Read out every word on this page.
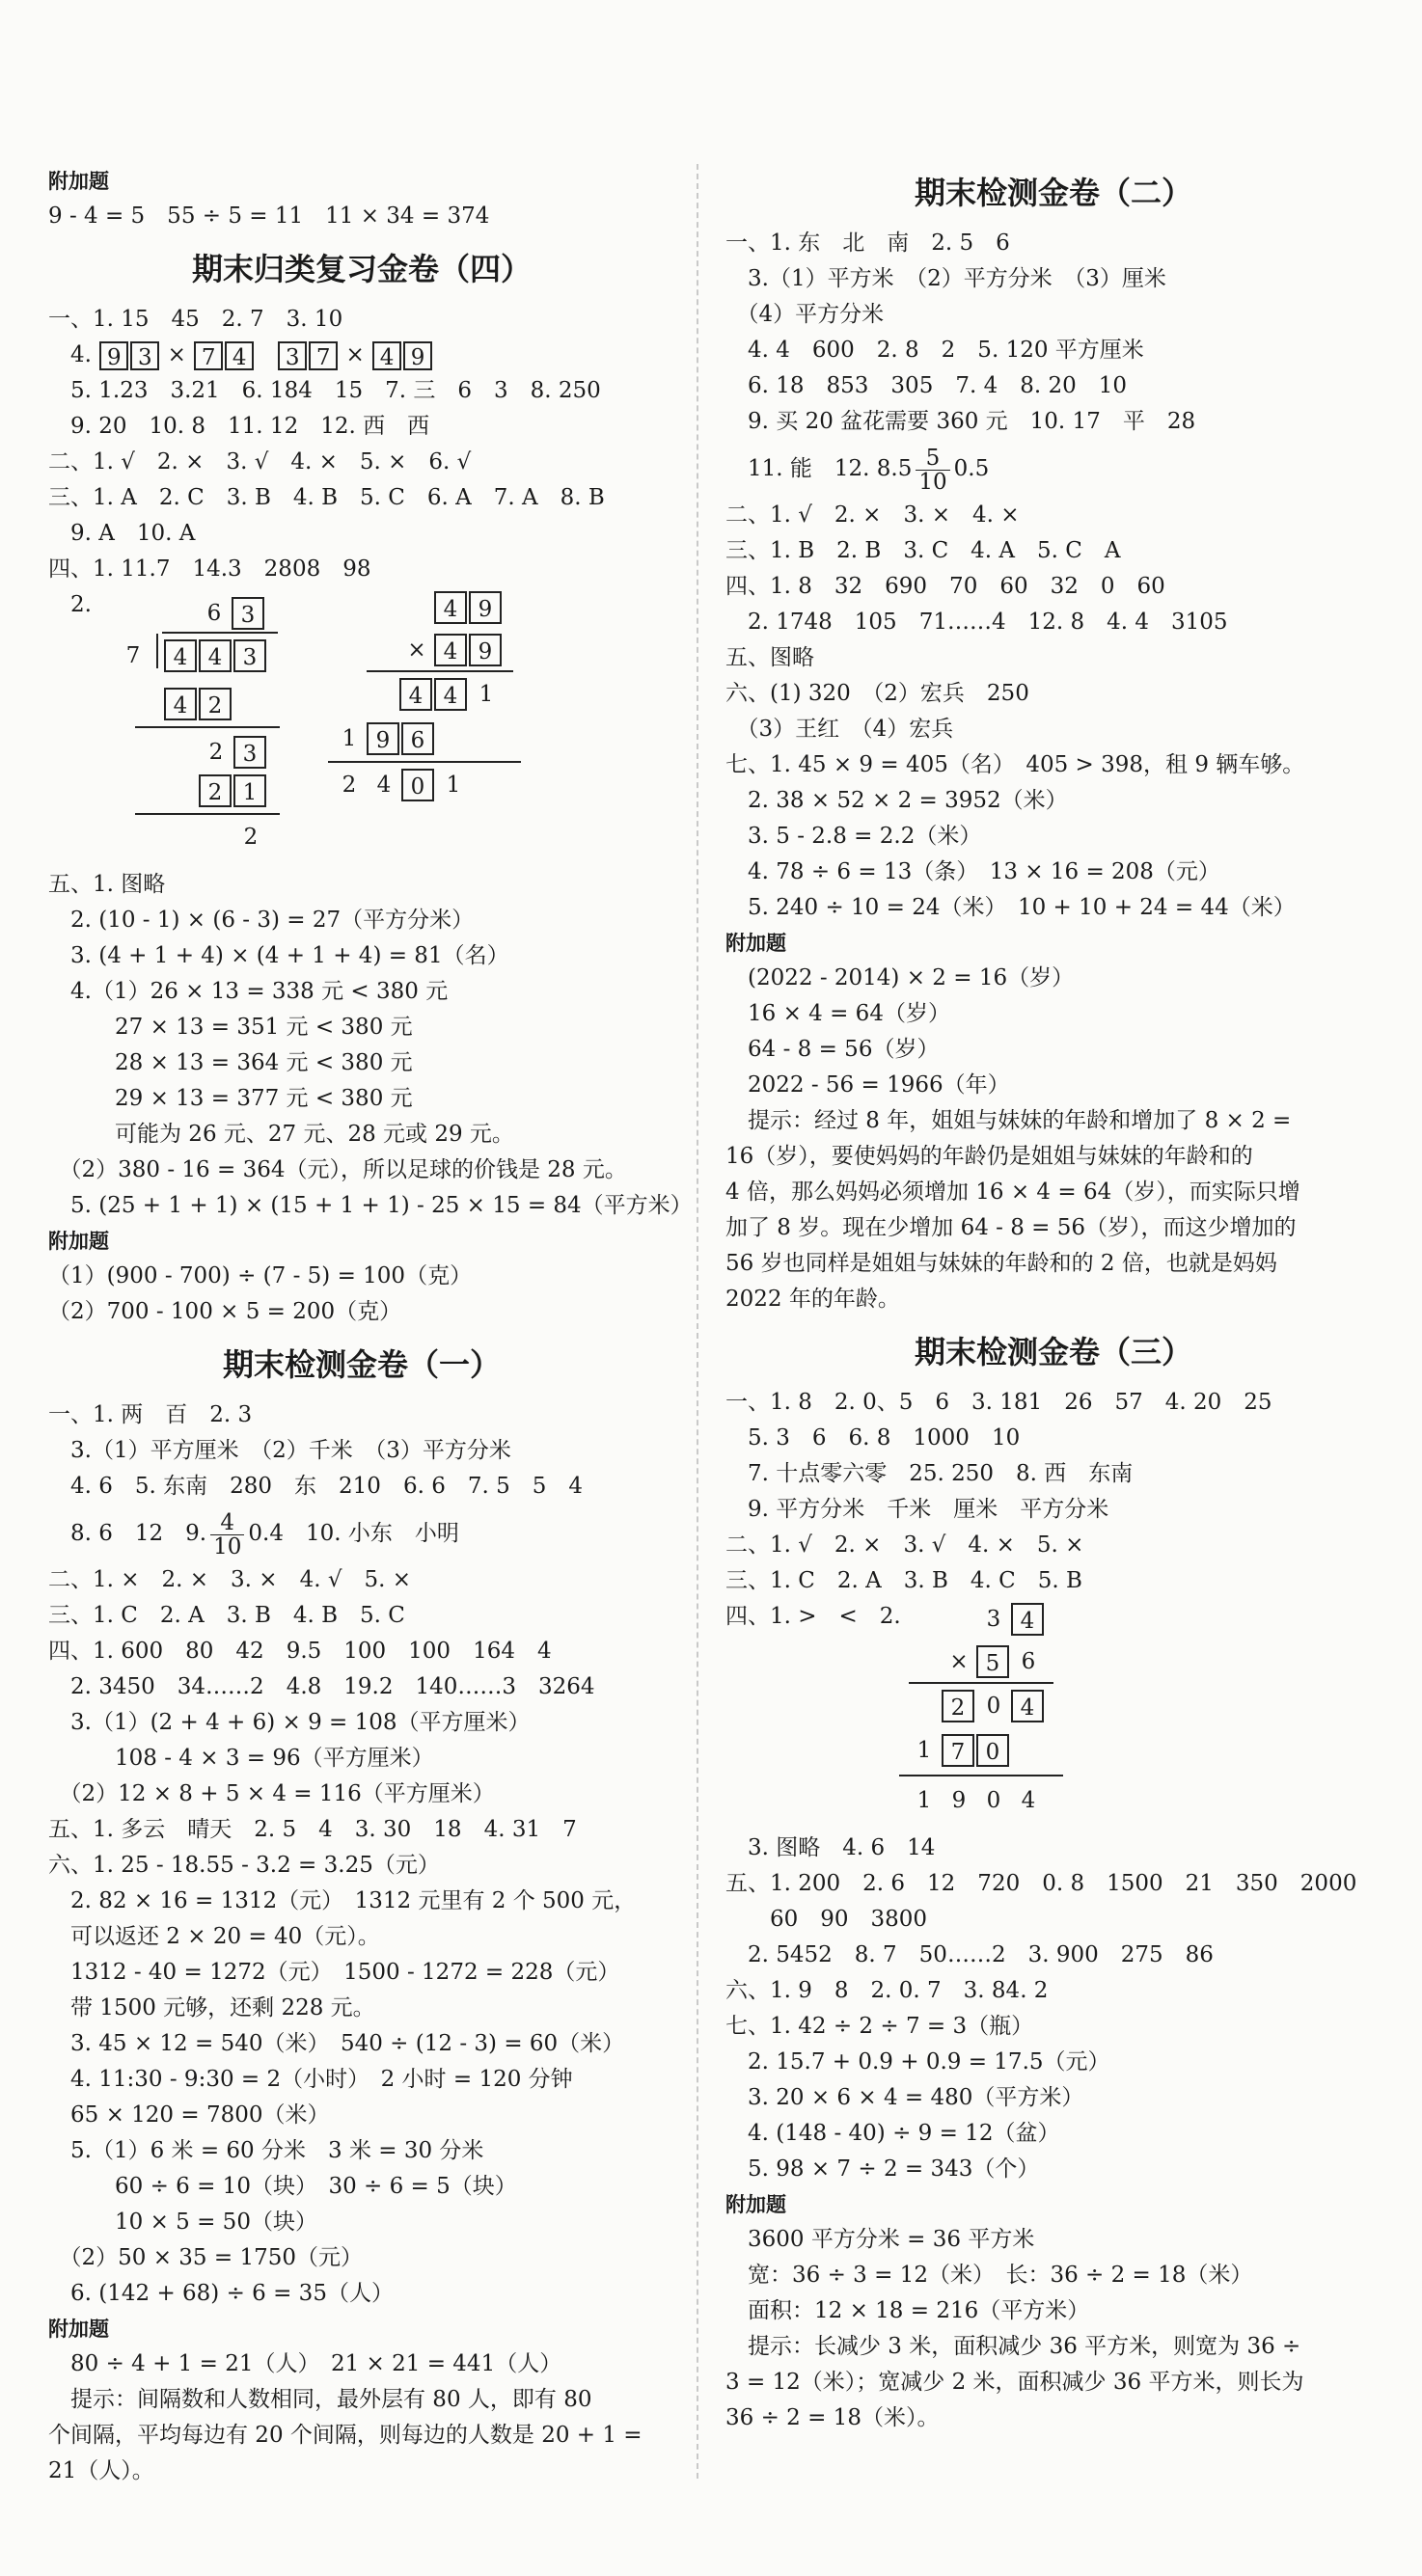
附加题
9 - 4 = 5　55 ÷ 5 = 11　11 × 34 = 374
期末归类复习金卷（四）
一、1. 15　45　2. 7　3. 10
　4. 9 3 × 7 4　 3 7 × 4 9
　5. 1.23　3.21　6. 184　15　7. 三　6　3　8. 250
　9. 20　10. 8　11. 12　12. 西　西
二、1. √　2. ×　3. √　4. ×　5. ×　6. √
三、1. A　2. C　3. B　4. B　5. C　6. A　7. A　8. B
　9. A　10. A
四、1. 11.7　14.3　2808　98
　2.	3
6
7	4 4 3
4 2
2 3
2 1
2
4 9
× 4 9
4 4 1
1 9 6
2 4 0 1
五、1. 图略
　2. (10 - 1) × (6 - 3) = 27（平方分米）
　3. (4 + 1 + 4) × (4 + 1 + 4) = 81（名）
　4.（1）26 × 13 = 338 元 < 380 元
　　　27 × 13 = 351 元 < 380 元
　　　28 × 13 = 364 元 < 380 元
　　　29 × 13 = 377 元 < 380 元
　　　可能为 26 元、27 元、28 元或 29 元。
　（2）380 - 16 = 364（元），所以足球的价钱是 28 元。
　5. (25 + 1 + 1) × (15 + 1 + 1) - 25 × 15 = 84（平方米）
附加题
（1）(900 - 700) ÷ (7 - 5) = 100（克）
（2）700 - 100 × 5 = 200（克）
期末检测金卷（一）
一、1. 两　百　2. 3
　3.（1）平方厘米　（2）千米　（3）平方分米
　4. 6　5. 东南　280　东　210　6. 6　7. 5　5　4
　8. 6　12　9. $\frac{4}{10} 0.4$　10. 小东　小明
二、1. ×　2. ×　3. ×　4. √　5. ×
三、1. C　2. A　3. B　4. B　5. C
四、1. 600　80　42　9.5　100　100　164　4
　2. 3450　34……2　4.8　19.2　140……3　3264
　3.（1）(2 + 4 + 6) × 9 = 108（平方厘米）
　　　108 - 4 × 3 = 96（平方厘米）
　（2）12 × 8 + 5 × 4 = 116（平方厘米）
五、1. 多云　晴天　2. 5　4　3. 30　18　4. 31　7
六、1. 25 - 18.55 - 3.2 = 3.25（元）
　2. 82 × 16 = 1312（元）　1312 元里有 2 个 500 元，
　可以返还 2 × 20 = 40（元）。
　1312 - 40 = 1272（元）　1500 - 1272 = 228（元）
　带 1500 元够，还剩 228 元。
　3. 45 × 12 = 540（米）　540 ÷ (12 - 3) = 60（米）
　4. 11:30 - 9:30 = 2（小时）　2 小时 = 120 分钟
　65 × 120 = 7800（米）
　5.（1）6 米 = 60 分米　3 米 = 30 分米
　　　60 ÷ 6 = 10（块）　30 ÷ 6 = 5（块）
　　　10 × 5 = 50（块）
　（2）50 × 35 = 1750（元）
　6. (142 + 68) ÷ 6 = 35（人）
附加题
　80 ÷ 4 + 1 = 21（人）　21 × 21 = 441（人）
　提示：间隔数和人数相同，最外层有 80 人，即有 80
个间隔，平均每边有 20 个间隔，则每边的人数是 20 + 1 =
21（人）。
期末检测金卷（二）
一、1. 东　北　南　2. 5　6
　3.（1）平方米　（2）平方分米　（3）厘米
　（4）平方分米
　4. 4　600　2. 8　2　5. 120 平方厘米
　6. 18　853　305　7. 4　8. 20　10
　9. 买 20 盆花需要 360 元　10. 17　平　28
　11. 能　12. $8.5 \frac{5}{10} 0.5$
二、1. √　2. ×　3. ×　4. ×
三、1. B　2. B　3. C　4. A　5. C　A
四、1. 8　32　690　70　60　32　0　60
　2. 1748　105　71……4　12. 8　4. 4　3105
五、图略
六、(1) 320　（2）宏兵　250
　（3）王红　（4）宏兵
七、1. 45 × 9 = 405（名）　405 > 398，租 9 辆车够。
　2. 38 × 52 × 2 = 3952（米）
　3. 5 - 2.8 = 2.2（米）
　4. 78 ÷ 6 = 13（条）　13 × 16 = 208（元）
　5. 240 ÷ 10 = 24（米）　10 + 10 + 24 = 44（米）
附加题
　(2022 - 2014) × 2 = 16（岁）
　16 × 4 = 64（岁）
　64 - 8 = 56（岁）
　2022 - 56 = 1966（年）
　提示：经过 8 年，姐姐与妹妹的年龄和增加了 8 × 2 =
16（岁），要使妈妈的年龄仍是姐姐与妹妹的年龄和的
4 倍，那么妈妈必须增加 16 × 4 = 64（岁），而实际只增
加了 8 岁。现在少增加 64 - 8 = 56（岁），而这少增加的
56 岁也同样是姐姐与妹妹的年龄和的 2 倍，也就是妈妈
2022 年的年龄。
期末检测金卷（三）
一、1. 8　2. 0、5　6　3. 181　26　57　4. 20　25
　5. 3　6　6. 8　1000　10
　7. 十点零六零　25. 250　8. 西　东南
　9. 平方分米　千米　厘米　平方分米
二、1. √　2. ×　3. √　4. ×　5. ×
三、1. C　2. A　3. B　4. C　5. B
四、1. >　<　2.	3 4
× 5 6
2 0 4
1 7 0
1 9 0 4
　3. 图略　4. 6　14
五、1. 200　2. 6　12　720　0. 8　1500　21　350　2000
　　60　90　3800
　2. 5452　8. 7　50……2　3. 900　275　86
六、1. 9　8　2. 0. 7　3. 84. 2
七、1. 42 ÷ 2 ÷ 7 = 3（瓶）
　2. 15.7 + 0.9 + 0.9 = 17.5（元）
　3. 20 × 6 × 4 = 480（平方米）
　4. (148 - 40) ÷ 9 = 12（盆）
　5. 98 × 7 ÷ 2 = 343（个）
附加题
　3600 平方分米 = 36 平方米
　宽：36 ÷ 3 = 12（米）　长：36 ÷ 2 = 18（米）
　面积：12 × 18 = 216（平方米）
　提示：长减少 3 米，面积减少 36 平方米，则宽为 36 ÷
3 = 12（米）；宽减少 2 米，面积减少 36 平方米，则长为
36 ÷ 2 = 18（米）。
